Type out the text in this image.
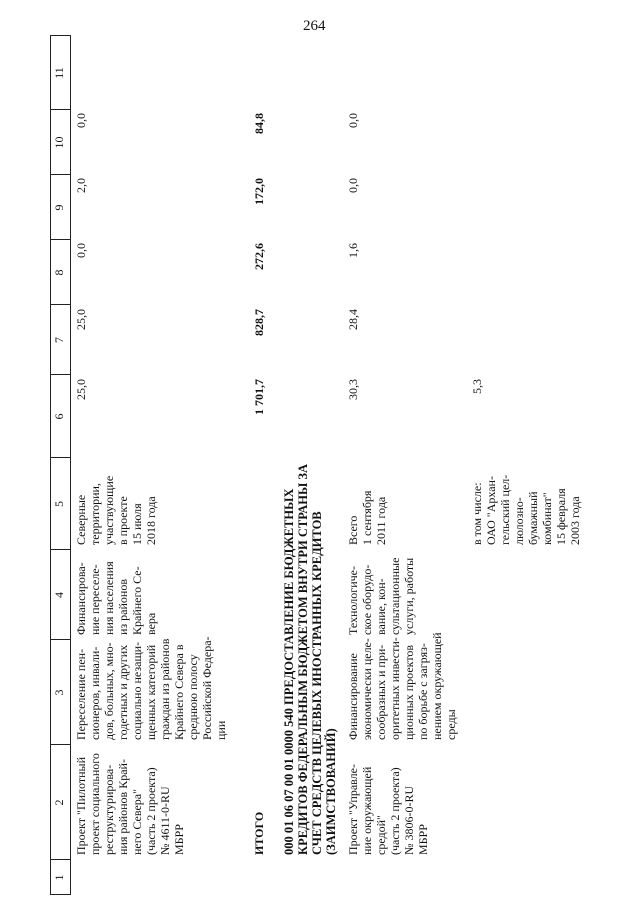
264
1
2
3
4
5
6
7
8
9
10
11
Проект "Пилотный
проект социального
реструктурирова-
ния районов Край-
него Севера"
(часть 2 проекта)
№ 4611-0-RU
МБРР
Переселение пен-
сионеров, инвали-
дов, больных, мно-
годетных и других
социально незащи-
щенных категорий
граждан из районов
Крайнего Севера в
среднюю полосу
Российской Федера-
ции
Финансирова-
ние переселе-
ния населения
из районов
Крайнего Се-
вера
Северные
территории,
участвующие
в проекте
15 июля
2018 года
25,0
25,0
0,0
2,0
0,0
ИТОГО
1 701,7
828,7
272,6
172,0
84,8
000 01 06 07 00 01 0000 540 ПРЕДОСТАВЛЕНИЕ БЮДЖЕТНЫХ
КРЕДИТОВ ФЕДЕРАЛЬНЫМ БЮДЖЕТОМ ВНУТРИ СТРАНЫ ЗА
СЧЕТ СРЕДСТВ ЦЕЛЕВЫХ ИНОСТРАННЫХ КРЕДИТОВ
(ЗАИМСТВОВАНИЙ) Проект "Управле-
ние окружающей
средой"
(часть 2 проекта)
№ 3806-0-RU
МБРР
Финансирование
экономически целе-
сообразных и при-
оритетных инвести-
ционных проектов
по борьбе с загряз-
нением окружающей
среды
Технологиче-
ское оборудо-
вание, кон-
сультационные
услуги, работы
Всего
1 сентября
2011 года
30,3
28,4
1,6
0,0
0,0
в том числе:
ОАО "Архан-
гельский цел-
люлозно-
бумажный
комбинат"
15 февраля
2003 года
5,3
